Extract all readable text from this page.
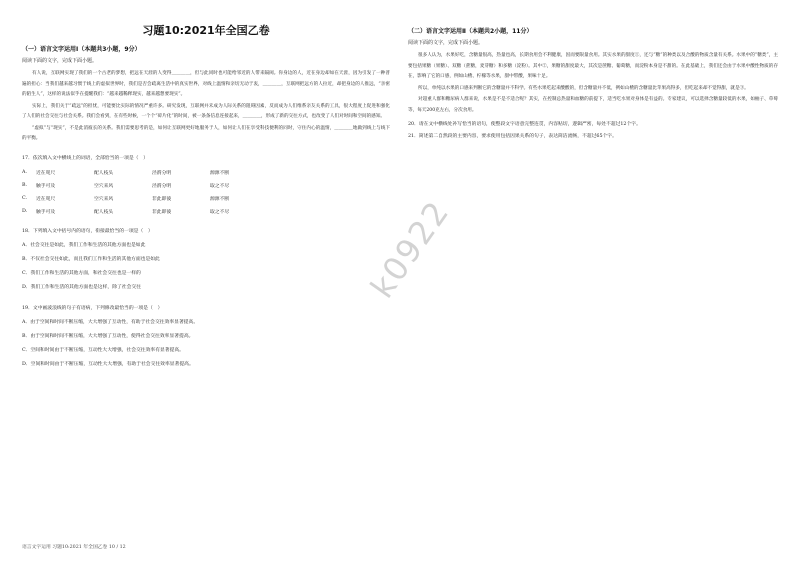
习题10:2021年全国乙卷
（一）语言文字运用Ⅰ（本题共3小题，9分）
阅读下面的文字，完成下面小题。
有人说，互联网实现了我们的一个古老的梦想，把远在天涯的人变得＿＿＿＿，但与此同时也可能给邻近的人带来隔阂。你身边的人，近在身边却如在天涯，因为引发了一种普遍的担心：当我们越来越习惯于线上的虚拟世界时，我们是否会疏离生活中的真实世界，对线上温情和亲切无动于衷，＿＿＿＿，互联网把远方的人拉近，却把身边的人推远，“亲密的陌生人”，这样的说法似乎在提醒我们：“越来越稀释现实，越来越想要现实”。
实际上，我们关于“疏远”的担忧，可能要比实际的情况严重许多。研究发现，互联网并未成为人际关系的阻碍因素，反而成为人们维系亲友关系的工具，很大程度上促进和强化了人们的社会交往与社会关系。我们会看到，在有些时候，一个个“碎片化”的时间，被一条条信息连接起来，＿＿＿＿，形成了新的交往方式，也改变了人们对时间和空间的感知。
“虚拟”与“现实”，不是此消彼长的关系。我们需要思考的是，如何让互联网更好地服务于人，如何让人们在享受科技便利的同时，守住内心的温情，＿＿＿＿地做到线上与线下的平衡。
17．依次填入文中横线上的词语，全部恰当的一项是（　）
A.	近在咫尺	配人枝头	泾渭分明	源源不断
B.	触手可及	空穴来风	泾渭分明	取之不尽
C.	近在咫尺	空穴来风	非此即彼	源源不断
D.	触手可及	配人枝头	非此即彼	取之不尽
18．下列填入文中括号内的语句，衔接最恰当的一项是（　）
A．社会交往是如此，我们工作和生活的其他方面也是如此
B．不仅社会交往如此，而且我们工作和生活的其他方面也是如此
C．我们工作和生活的其他方面，和社会交往也是一样的
D．我们工作和生活的其他方面也是这样，除了社会交往
19．文中画波浪线的句子有语病，下列修改最恰当的一项是（　）
A．由于空间和时间不断压缩，大大增强了互动性，有助于社会交往效率显著提高。
B．由于空间和时间不断压缩，大大增强了互动性，使得社会交往效率显著提高。
C．空间和时间由于不断压缩，互动性大大增强，社会交往效率有显著提高。
D．空间和时间由于不断压缩，互动性大大增强，有助于社会交往效率显著提高。
（二）语言文字运用Ⅱ（本题共2小题，11分）
阅读下面的文字，完成下面小题。
很多人认为，水果好吃，含糖量很高，热量也高，长期食用会不利健康，因而要限量食用。其实水果的甜度①，还与“糖”的种类以及合酸的物质含量有关系。水果中的“糖类”，主要包括果糖（果糖）、双糖（蔗糖，麦芽糖）和多糖（淀粉）。其中②，果糖的甜度最大，其次是蔗糖、葡萄糖，而淀粉本身是不甜的。在此基础上，我们还会由于水果中酸性物质的存在，影响了它的口感，例如山楂、柠檬等水果，甜中带酸，果味十足。
所以，单纯以水果的口感来判断它的含糖量并不科学。有些水果吃起来酸酸的，但含糖量并不低，例如山楂的含糖量比苹果高得多，但吃起来却不觉得甜，就是③。
对超重人群和糖尿病人群来说，水果是不是不适合呢？其实，在控制总热量和血糖的前提下，适当吃水果对身体是有益的。专家建议，可以选择含糖量较低的水果，如柚子、草莓等，每天200克左右，分次食用。
20．请在文中横线处补写恰当的语句，使整段文字语意完整连贯，内容贴切，逻辑严密，每处不超过12个字。
21．简述第二自然段的主要内容，要求使用包括因果关系的句子，表达简洁流畅，不超过65个字。
k0922
语言文字运用 习题10:2021 年全国乙卷 10 / 12
